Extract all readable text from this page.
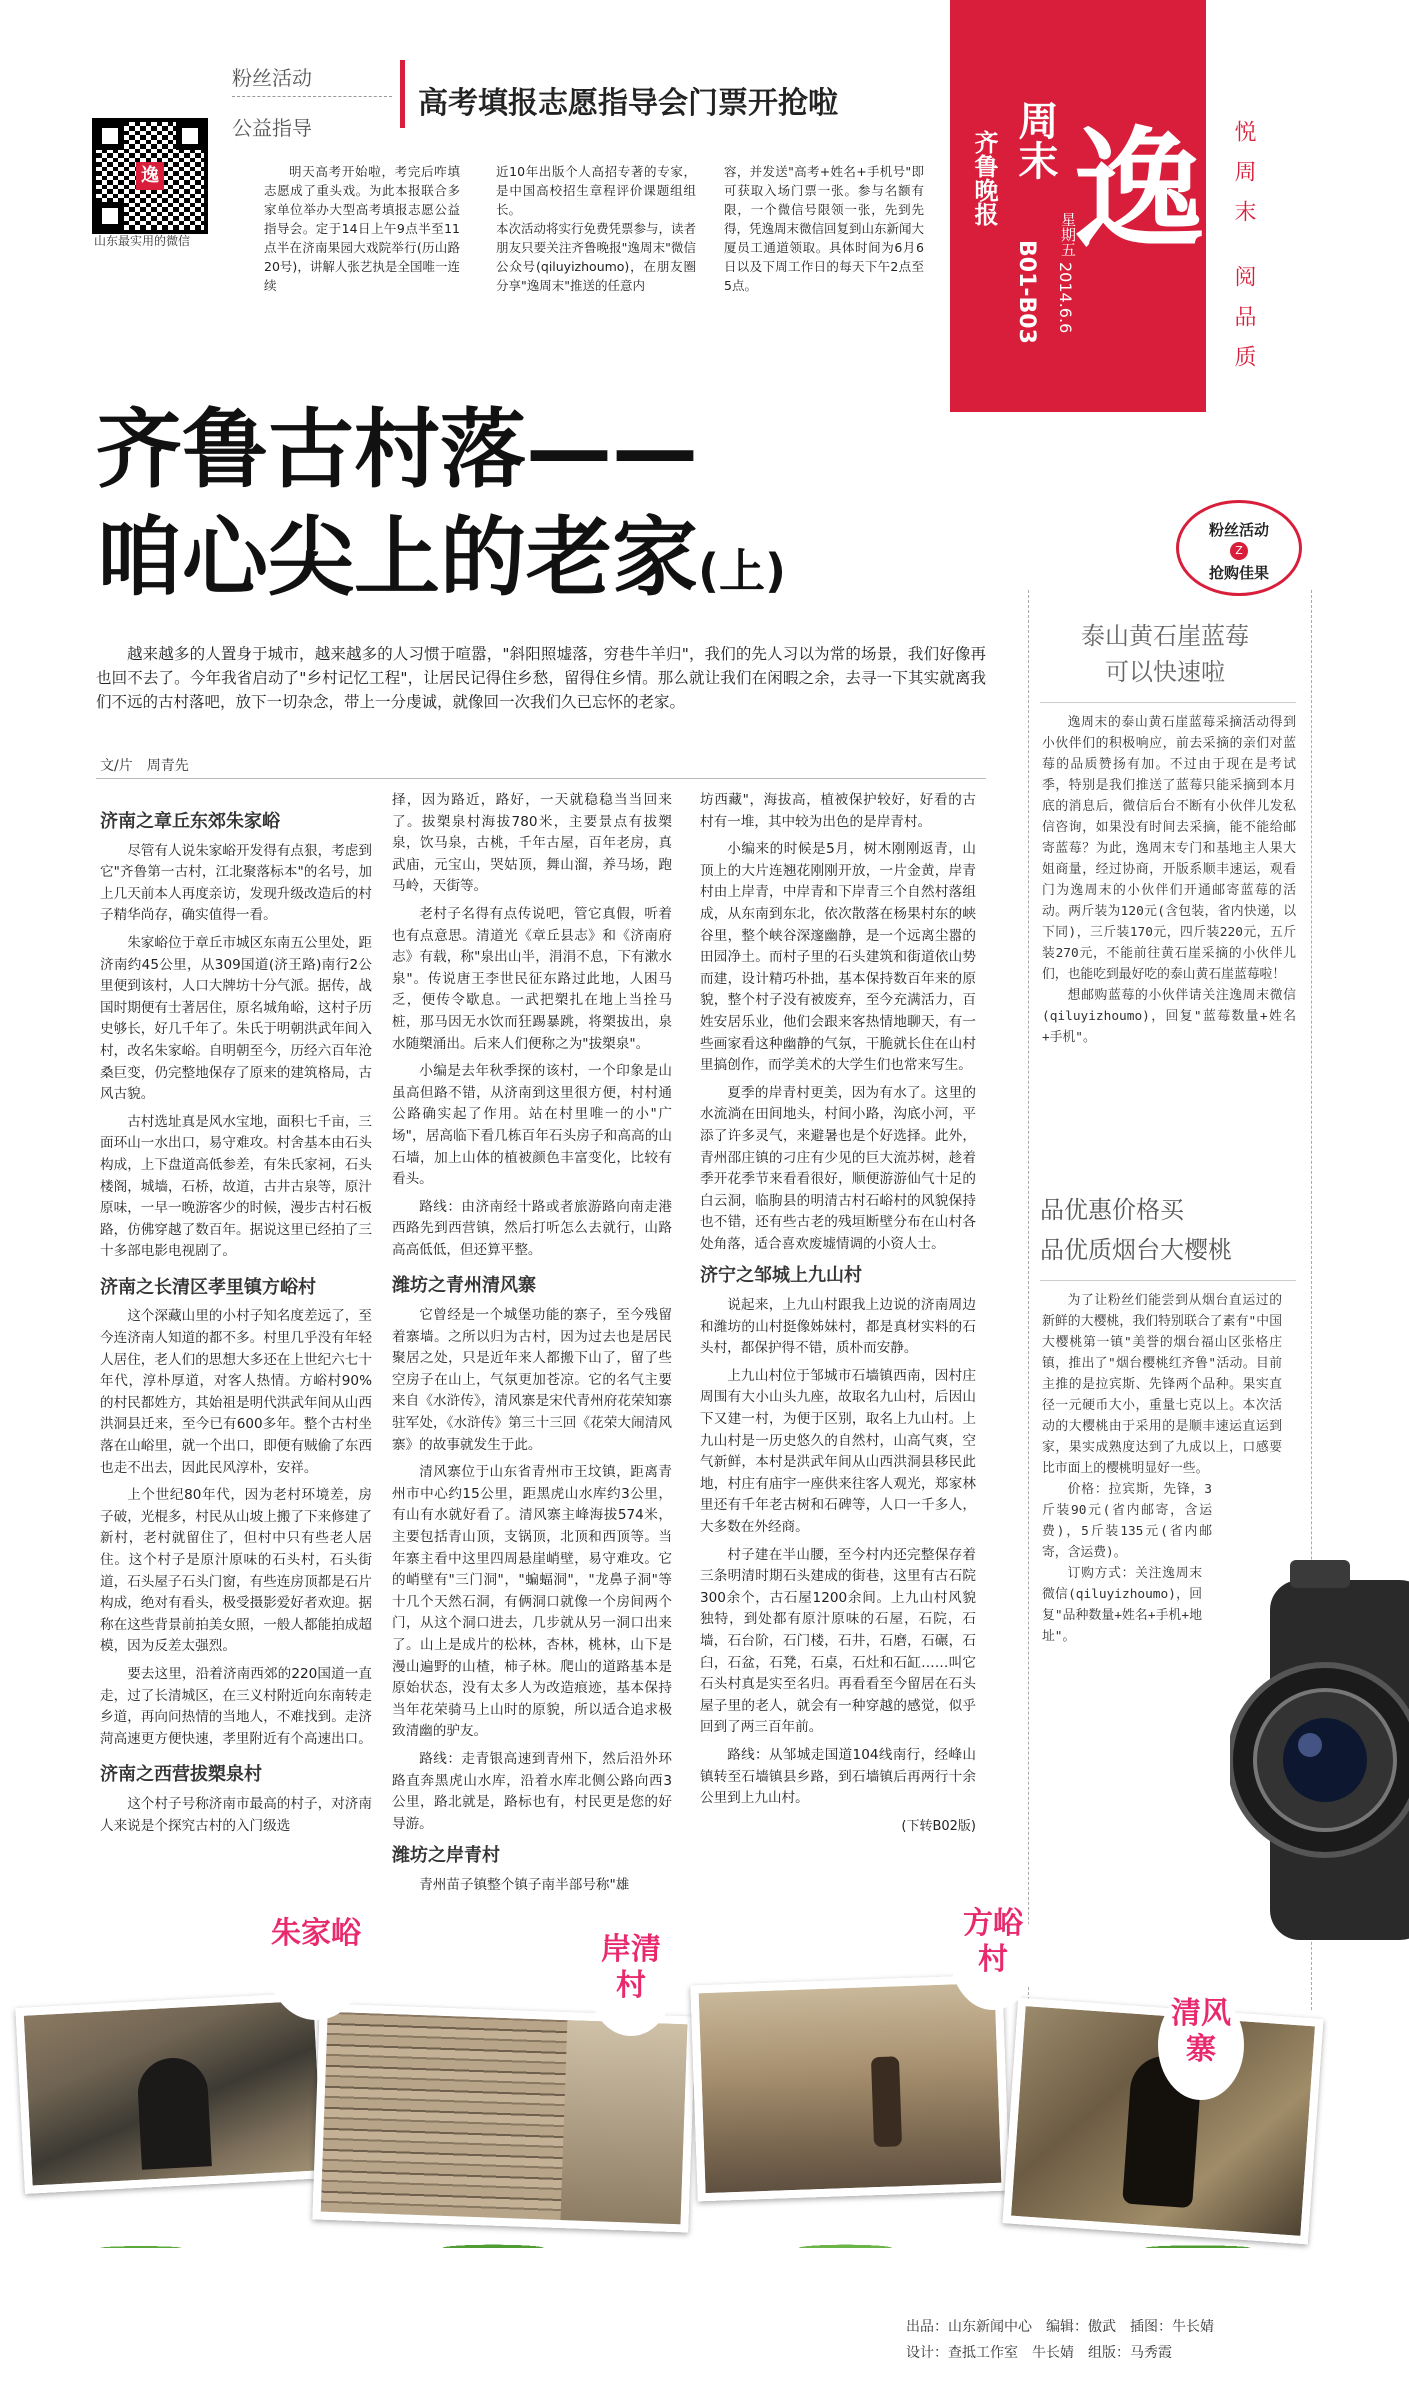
逸
山东最实用的微信
粉丝活动
公益指导
高考填报志愿指导会门票开抢啦
明天高考开始啦，考完后咋填志愿成了重头戏。为此本报联合多家单位举办大型高考填报志愿公益指导会。定于14日上午9点半至11点半在济南果园大戏院举行(历山路20号)，讲解人张艺执是全国唯一连续
近10年出版个人高招专著的专家，是中国高校招生章程评价课题组组长。
本次活动将实行免费凭票参与，读者朋友只要关注齐鲁晚报"逸周末"微信公众号(qiluyizhoumo)，在朋友圈分享"逸周末"推送的任意内
容，并发送"高考+姓名+手机号"即可获取入场门票一张。参与名额有限，一个微信号限领一张，先到先得，凭逸周末微信回复到山东新闻大厦员工通道领取。具体时间为6月6日以及下周工作日的每天下午2点至5点。
齐鲁晚报 周末
星期五
2014.6.6
B01-B03
逸 悦周末 阅品质
齐鲁古村落——
咱心尖上的老家(上)
越来越多的人置身于城市，越来越多的人习惯于喧嚣，"斜阳照墟落，穷巷牛羊归"，我们的先人习以为常的场景，我们好像再也回不去了。今年我省启动了"乡村记忆工程"，让居民记得住乡愁，留得住乡情。那么就让我们在闲暇之余，去寻一下其实就离我们不远的古村落吧，放下一切杂念，带上一分虔诚，就像回一次我们久已忘怀的老家。
文/片　周青先
济南之章丘东郊朱家峪

尽管有人说朱家峪开发得有点狠，考虑到它"齐鲁第一古村，江北聚落标本"的名号，加上几天前本人再度亲访，发现升级改造后的村子精华尚存，确实值得一看。

朱家峪位于章丘市城区东南五公里处，距济南约45公里，从309国道(济王路)南行2公里便到该村，人口大牌坊十分气派。据传，战国时期便有士著居住，原名城角峪，这村子历史够长，好几千年了。朱氏于明朝洪武年间入村，改名朱家峪。自明朝至今，历经六百年沧桑巨变，仍完整地保存了原来的建筑格局，古风古貌。

古村选址真是风水宝地，面积七千亩，三面环山一水出口，易守难攻。村舍基本由石头构成，上下盘道高低参差，有朱氏家祠，石头楼阁，城墙，石桥，故道，古井古泉等，原汁原味，一早一晚游客少的时候，漫步古村石板路，仿佛穿越了数百年。据说这里已经拍了三十多部电影电视剧了。

济南之长清区孝里镇方峪村

这个深藏山里的小村子知名度差远了，至今连济南人知道的都不多。村里几乎没有年轻人居住，老人们的思想大多还在上世纪六七十年代，淳朴厚道，对客人热情。方峪村90%的村民都姓方，其始祖是明代洪武年间从山西洪洞县迁来，至今已有600多年。整个古村坐落在山峪里，就一个出口，即便有贼偷了东西也走不出去，因此民风淳朴，安祥。

上个世纪80年代，因为老村环境差，房子破，光棍多，村民从山坡上搬了下来修建了新村，老村就留住了，但村中只有些老人居住。这个村子是原汁原味的石头村，石头街道，石头屋子石头门窗，有些连房顶都是石片构成，绝对有看头，极受摄影爱好者欢迎。据称在这些背景前拍美女照，一般人都能拍成超模，因为反差太强烈。

要去这里，沿着济南西郊的220国道一直走，过了长清城区，在三义村附近向东南转走乡道，再向问热情的当地人，不难找到。走济菏高速更方便快速，孝里附近有个高速出口。

济南之西营拔槊泉村

这个村子号称济南市最高的村子，对济南人来说是个探究古村的入门级选

择，因为路近，路好，一天就稳稳当当回来了。拔槊泉村海拔780米，主要景点有拔槊泉，饮马泉，古桃，千年古屋，百年老房，真武庙，元宝山，哭姑顶，舞山溜，养马场，跑马岭，天街等。

老村子名得有点传说吧，管它真假，听着也有点意思。清道光《章丘县志》和《济南府志》有载，称"泉出山半，涓涓不息，下有漱水泉"。传说唐王李世民征东路过此地，人困马乏，便传令歇息。一武把槊扎在地上当拴马桩，那马因无水饮而狂踢暴跳，将槊拔出，泉水随槊涌出。后来人们便称之为"拔槊泉"。

小编是去年秋季探的该村，一个印象是山虽高但路不错，从济南到这里很方便，村村通公路确实起了作用。站在村里唯一的小"广场"，居高临下看几栋百年石头房子和高高的山石墙，加上山体的植被颜色丰富变化，比较有看头。

路线：由济南经十路或者旅游路向南走港西路先到西营镇，然后打听怎么去就行，山路高高低低，但还算平整。

潍坊之青州清风寨

它曾经是一个城堡功能的寨子，至今残留着寨墙。之所以归为古村，因为过去也是居民聚居之处，只是近年来人都搬下山了，留了些空房子在山上，气氛更加苍凉。它的名气主要来自《水浒传》，清风寨是宋代青州府花荣知寨驻军处，《水浒传》第三十三回《花荣大闹清风寨》的故事就发生于此。

清风寨位于山东省青州市王坟镇，距离青州市中心约15公里，距黑虎山水库约3公里，有山有水就好看了。清风寨主峰海拔574米，主要包括青山顶，支锅顶，北顶和西顶等。当年寨主看中这里四周悬崖峭壁，易守难攻。它的峭壁有"三门洞"，"蝙蝠洞"，"龙鼻子洞"等十几个天然石洞，有俩洞口就像一个房间两个门，从这个洞口进去，几步就从另一洞口出来了。山上是成片的松林，杏林，桃林，山下是漫山遍野的山楂，柿子林。爬山的道路基本是原始状态，没有太多人为改造痕迹，基本保持当年花荣骑马上山时的原貌，所以适合追求极致清幽的驴友。

路线：走青银高速到青州下，然后沿外环路直奔黑虎山水库，沿着水库北侧公路向西3公里，路北就是，路标也有，村民更是您的好导游。

潍坊之岸青村

青州苗子镇整个镇子南半部号称"雄

坊西藏"，海拔高，植被保护较好，好看的古村有一堆，其中较为出色的是岸青村。

小编来的时候是5月，树木刚刚返青，山顶上的大片连翘花刚刚开放，一片金黄，岸青村由上岸青，中岸青和下岸青三个自然村落组成，从东南到东北，依次散落在杨果村东的峡谷里，整个峡谷深邃幽静，是一个远离尘嚣的田园净土。而村子里的石头建筑和街道依山势而建，设计精巧朴拙，基本保持数百年来的原貌，整个村子没有被废弃，至今充满活力，百姓安居乐业，他们会跟来客热情地聊天，有一些画家看这种幽静的气氛，干脆就长住在山村里搞创作，而学美术的大学生们也常来写生。

夏季的岸青村更美，因为有水了。这里的水流淌在田间地头，村间小路，沟底小河，平添了许多灵气，来避暑也是个好选择。此外，青州邵庄镇的刁庄有少见的巨大流苏树，趁着季开花季节来看看很好，顺便游游仙气十足的白云洞，临朐县的明清古村石峪村的风貌保持也不错，还有些古老的残垣断壁分布在山村各处角落，适合喜欢废墟情调的小资人士。

济宁之邹城上九山村

说起来，上九山村跟我上边说的济南周边和潍坊的山村挺像姊妹村，都是真材实料的石头村，都保护得不错，质朴而安静。

上九山村位于邹城市石墙镇西南，因村庄周围有大小山头九座，故取名九山村，后因山下又建一村，为便于区别，取名上九山村。上九山村是一历史悠久的自然村，山高气爽，空气新鲜，本村是洪武年间从山西洪洞县移民此地，村庄有庙宇一座供来往客人观光，郑家林里还有千年老古树和石碑等，人口一千多人，大多数在外经商。

村子建在半山腰，至今村内还完整保存着三条明清时期石头建成的街巷，这里有古石院300余个，古石屋1200余间。上九山村风貌独特，到处都有原汁原味的石屋，石院，石墙，石台阶，石门楼，石井，石磨，石碾，石臼，石盆，石凳，石桌，石灶和石缸……叫它石头村真是实至名归。再看看至今留居在石头屋子里的老人，就会有一种穿越的感觉，似乎回到了两三百年前。

路线：从邹城走国道104线南行，经峰山镇转至石墙镇县乡路，到石墙镇后再两行十余公里到上九山村。

(下转B02版)
粉丝活动
Z
抢购佳果
泰山黄石崖蓝莓
可以快速啦
逸周末的泰山黄石崖蓝莓采摘活动得到小伙伴们的积极响应，前去采摘的亲们对蓝莓的品质赞扬有加。不过由于现在是考试季，特别是我们推送了蓝莓只能采摘到本月底的消息后，微信后台不断有小伙伴儿发私信咨询，如果没有时间去采摘，能不能给邮寄蓝莓？为此，逸周末专门和基地主人果大姐商量，经过协商，开版系顺丰速运，观看门为逸周末的小伙伴们开通邮寄蓝莓的活动。两斤装为120元(含包装，省内快递，以下同)，三斤装170元，四斤装220元，五斤装270元，不能前往黄石崖采摘的小伙伴儿们，也能吃到最好吃的泰山黄石崖蓝莓啦！
想邮购蓝莓的小伙伴请关注逸周末微信(qiluyizhoumo)，回复"蓝莓数量+姓名+手机"。
品优惠价格买
品优质烟台大樱桃
为了让粉丝们能尝到从烟台直运过的新鲜的大樱桃，我们特别联合了素有"中国大樱桃第一镇"美誉的烟台福山区张格庄镇，推出了"烟台樱桃红齐鲁"活动。目前主推的是拉宾斯、先锋两个品种。果实直径一元硬币大小，重量七克以上。本次活动的大樱桃由于采用的是顺丰速运直运到家，果实成熟度达到了九成以上，口感要比市面上的樱桃明显好一些。
价格：拉宾斯，先锋，3斤装90元(省内邮寄，含运费)，5斤装135元(省内邮寄，含运费)。
订购方式：关注逸周末微信(qiluyizhoumo)，回复"品种数量+姓名+手机+地址"。
朱家峪	岸清村
方峪村
清风寨
出品：山东新闻中心　编辑：傲武　插图：牛长婧
设计：查抵工作室　牛长婧　组版：马秀霞
